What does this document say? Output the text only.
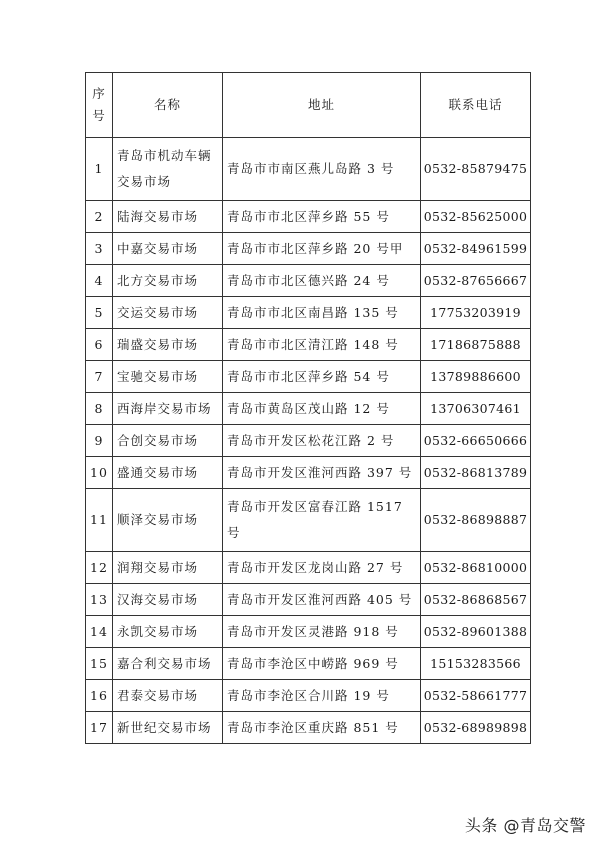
序号	名称	地址	联系电话
1	青岛市机动车辆交易市场	青岛市市南区燕儿岛路 3 号	0532-85879475
2	陆海交易市场	青岛市市北区萍乡路 55 号	0532-85625000
3	中嘉交易市场	青岛市市北区萍乡路 20 号甲	0532-84961599
4	北方交易市场	青岛市市北区德兴路 24 号	0532-87656667
5	交运交易市场	青岛市市北区南昌路 135 号	17753203919
6	瑞盛交易市场	青岛市市北区清江路 148 号	17186875888
7	宝驰交易市场	青岛市市北区萍乡路 54 号	13789886600
8	西海岸交易市场	青岛市黄岛区茂山路 12 号	13706307461
9	合创交易市场	青岛市开发区松花江路 2 号	0532-66650666
10	盛通交易市场	青岛市开发区淮河西路 397 号	0532-86813789
11	顺泽交易市场	青岛市开发区富春江路 1517 号	0532-86898887
12	润翔交易市场	青岛市开发区龙岗山路 27 号	0532-86810000
13	汉海交易市场	青岛市开发区淮河西路 405 号	0532-86868567
14	永凯交易市场	青岛市开发区灵港路 918 号	0532-89601388
15	嘉合利交易市场	青岛市李沧区中崂路 969 号	15153283566
16	君泰交易市场	青岛市李沧区合川路 19 号	0532-58661777
17	新世纪交易市场	青岛市李沧区重庆路 851 号	0532-68989898
头条 @青岛交警
